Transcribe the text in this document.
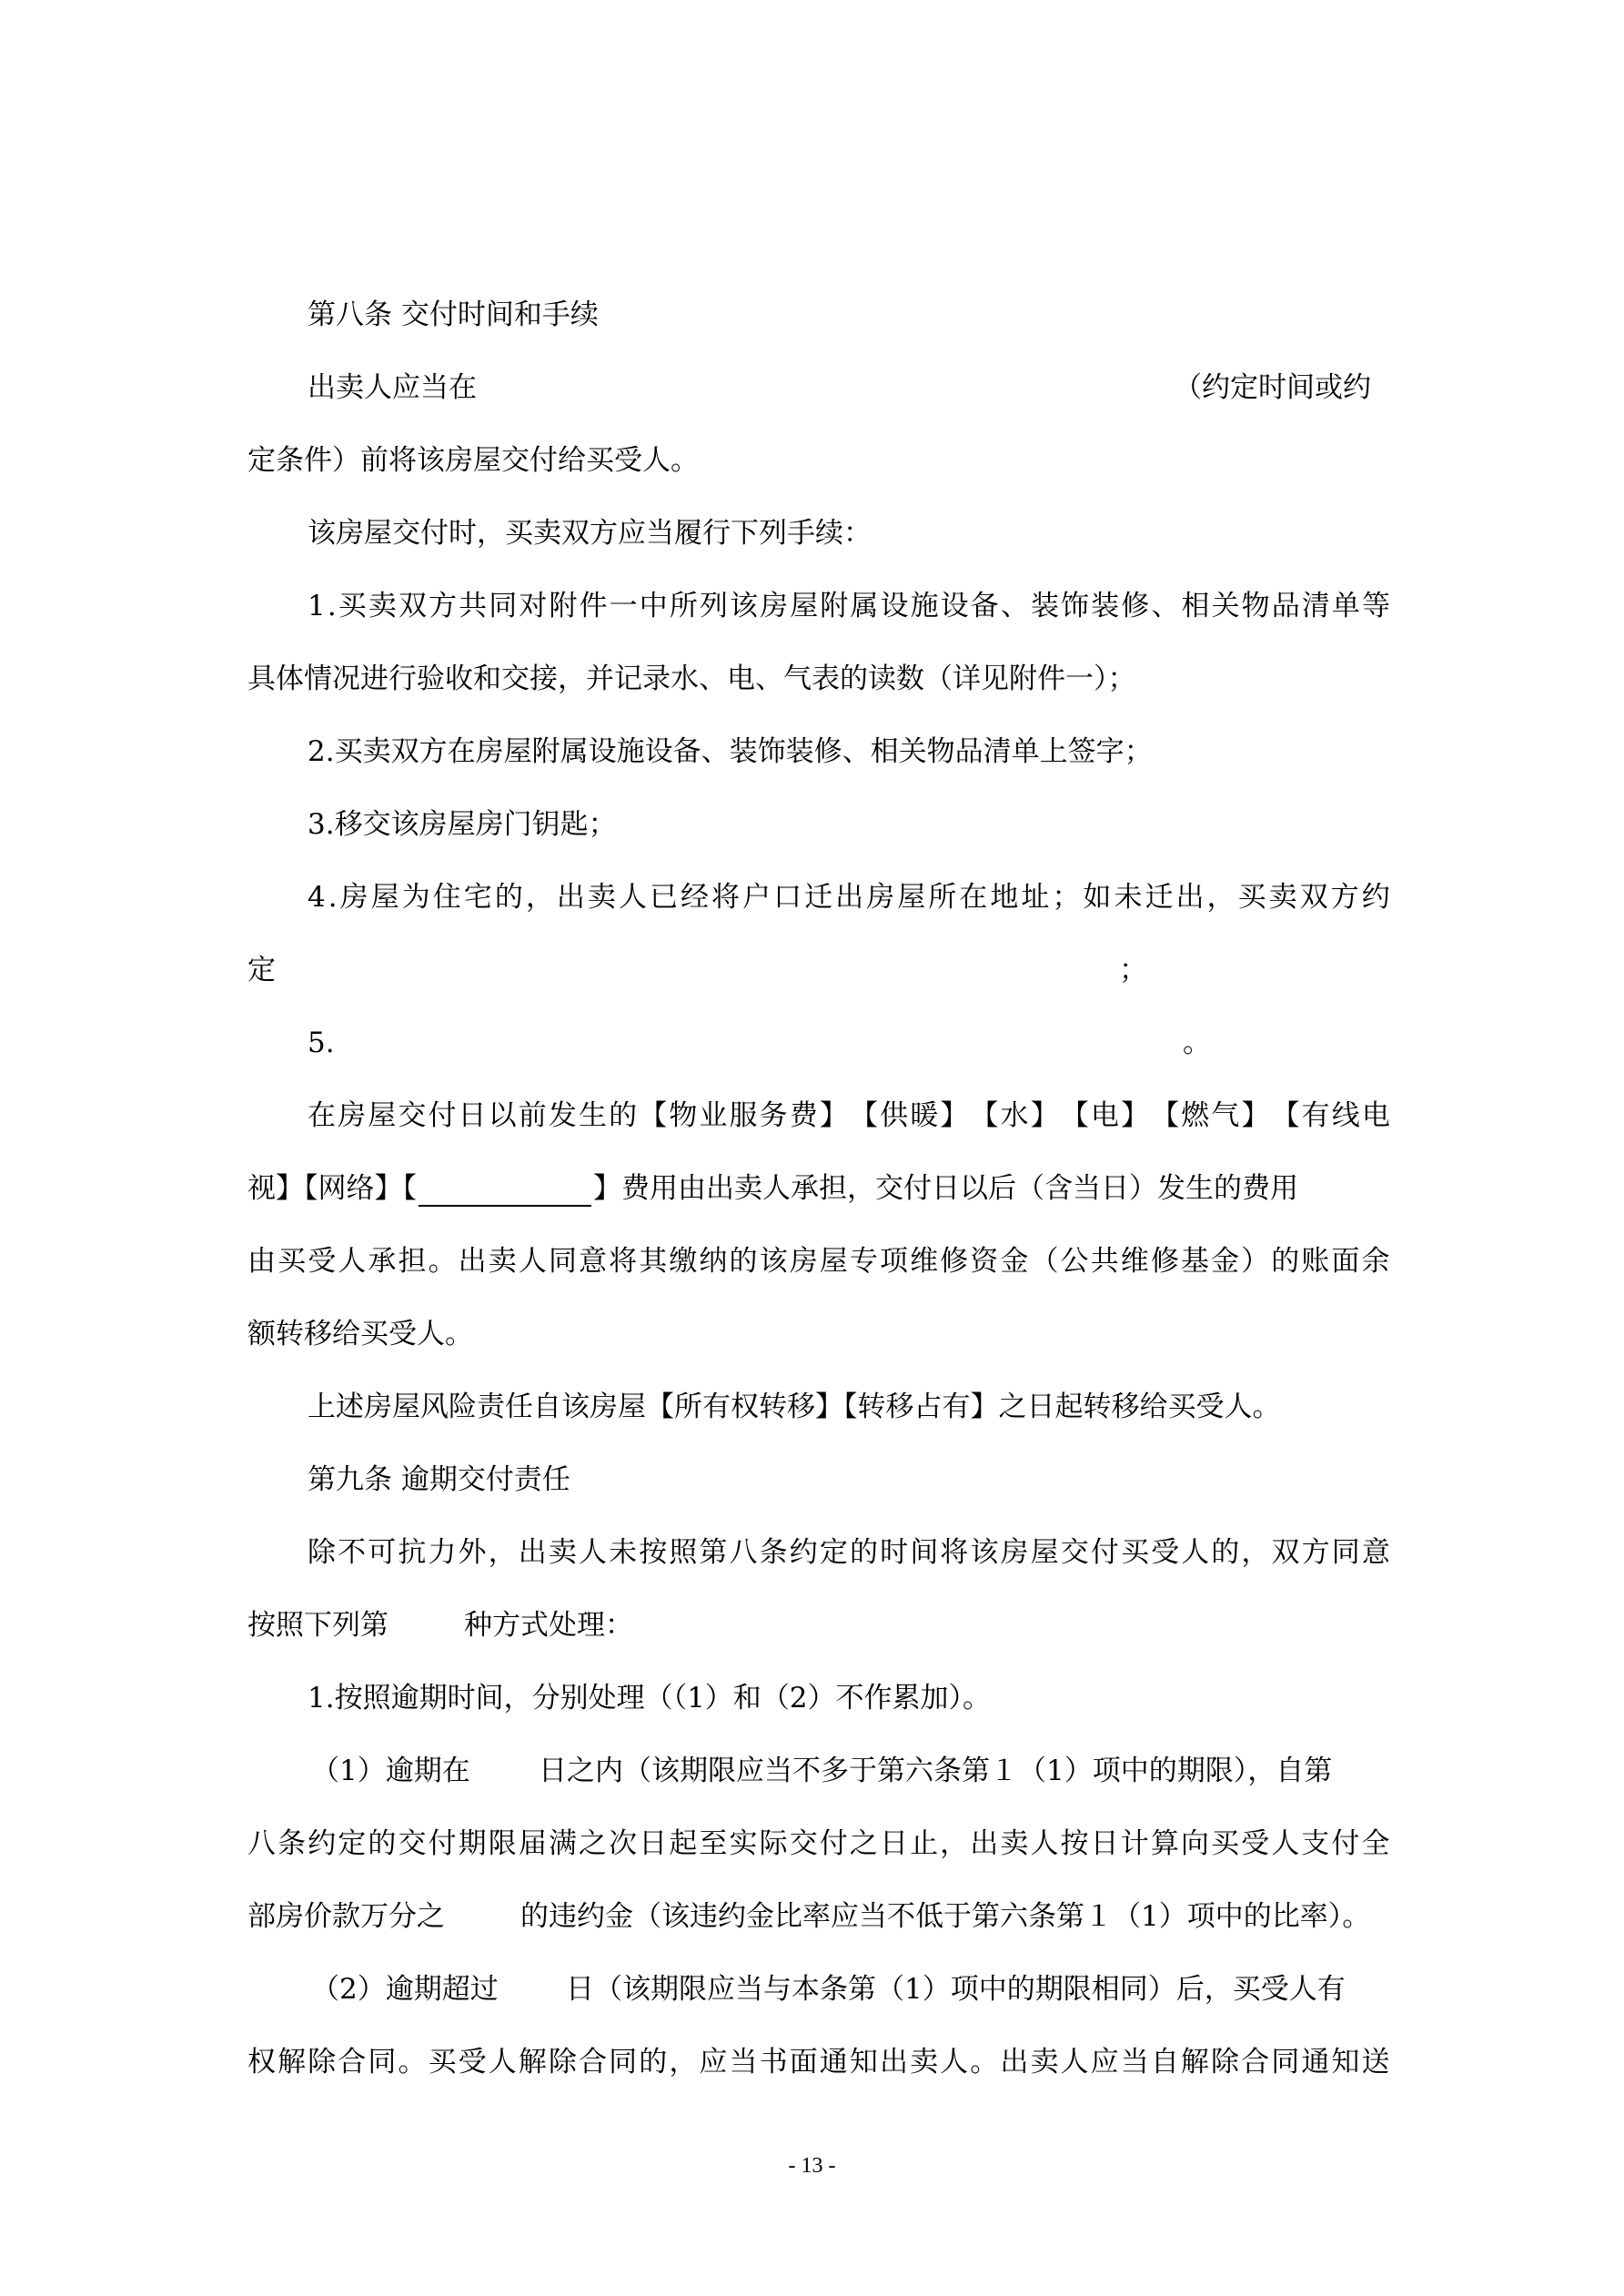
第八条 交付时间和手续
出卖人应当在	（约定时间或约
定条件）前将该房屋交付给买受人。
该房屋交付时，买卖双方应当履行下列手续：
1 . 买 卖 双 方 共 同 对 附 件 一 中 所 列 该 房 屋 附 属 设 施 设 备 、 装 饰 装 修 、 相 关 物 品 清 单 等
具体情况进行验收和交接，并记录水、电、气表的读数（详见附件一）；
2.买卖双方在房屋附属设施设备、装饰装修、相关物品清单上签字；
3.移交该房屋房门钥匙；
4 . 房 屋 为 住 宅 的 ， 出 卖 人 已 经 将 户 口 迁 出 房 屋 所 在 地 址 ； 如 未 迁 出 ， 买 卖 双 方 约
定	；
5.	。
在 房 屋 交 付 日 以 前 发 生 的 【 物 业 服 务 费 】 【 供 暖 】 【 水 】 【 电 】 【 燃 气 】 【 有 线 电
视】【网络】【	】费用由出卖人承担，交付日以后（含当日）发生的费用
由 买 受 人 承 担 。 出 卖 人 同 意 将 其 缴 纳 的 该 房 屋 专 项 维 修 资 金 （ 公 共 维 修 基 金 ） 的 账 面 余
额转移给买受人。
上述房屋风险责任自该房屋【所有权转移】【转移占有】之日起转移给买受人。
第九条 逾期交付责任
除 不 可 抗 力 外 ， 出 卖 人 未 按 照 第 八 条 约 定 的 时 间 将 该 房 屋 交 付 买 受 人 的 ， 双 方 同 意
按照下列第	种方式处理：
1.按照逾期时间，分别处理（（1）和（2）不作累加）。
（1）逾期在 日之内（该期限应当不多于第六条第１（1）项中的期限），自第
八 条 约 定 的 交 付 期 限 届 满 之 次 日 起 至 实 际 交 付 之 日 止 ， 出 卖 人 按 日 计 算 向 买 受 人 支 付 全
部房价款万分之	的违约金（该违约金比率应当不低于第六条第１（1）项中的比率）。
（2）逾期超过 日（该期限应当与本条第（1）项中的期限相同）后，买受人有
权 解 除 合 同 。 买 受 人 解 除 合 同 的 ， 应 当 书 面 通 知 出 卖 人 。 出 卖 人 应 当 自 解 除 合 同 通 知 送
- 13 -
